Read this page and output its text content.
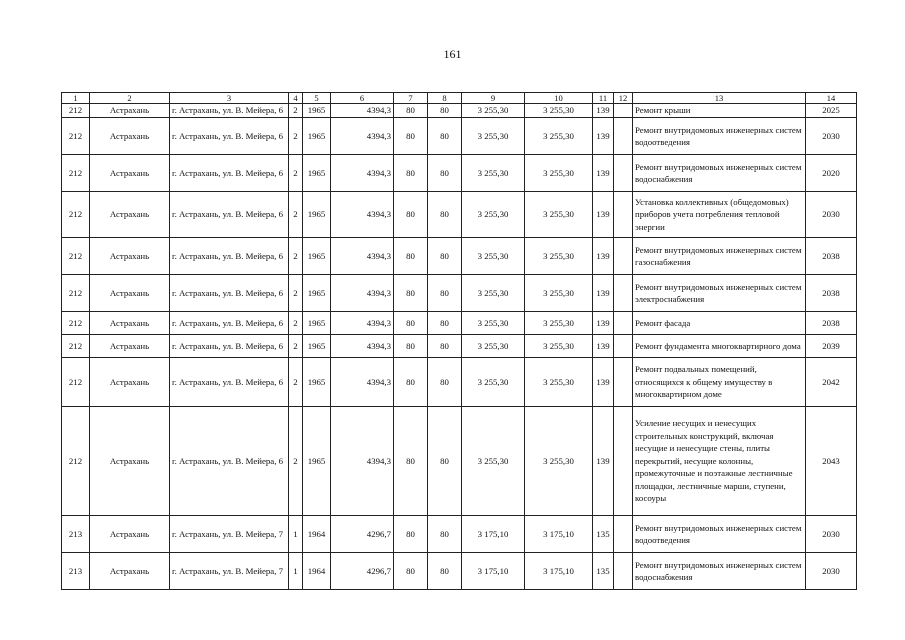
161
1	2	3	4	5	6	7	8	9	10	11	12	13	14
212	Астрахань	г. Астрахань, ул. В. Мейера, 6	2	1965	4394,3	80	80	3 255,30	3 255,30	139		Ремонт крыши	2025
212	Астрахань	г. Астрахань, ул. В. Мейера, 6	2	1965	4394,3	80	80	3 255,30	3 255,30	139		Ремонт внутридомовых инженерных систем водоотведения	2030
212	Астрахань	г. Астрахань, ул. В. Мейера, 6	2	1965	4394,3	80	80	3 255,30	3 255,30	139		Ремонт внутридомовых инженерных систем водоснабжения	2020
212	Астрахань	г. Астрахань, ул. В. Мейера, 6	2	1965	4394,3	80	80	3 255,30	3 255,30	139		Установка коллективных (общедомовых) приборов учета потребления тепловой энергии	2030
212	Астрахань	г. Астрахань, ул. В. Мейера, 6	2	1965	4394,3	80	80	3 255,30	3 255,30	139		Ремонт внутридомовых инженерных систем газоснабжения	2038
212	Астрахань	г. Астрахань, ул. В. Мейера, 6	2	1965	4394,3	80	80	3 255,30	3 255,30	139		Ремонт внутридомовых инженерных систем электроснабжения	2038
212	Астрахань	г. Астрахань, ул. В. Мейера, 6	2	1965	4394,3	80	80	3 255,30	3 255,30	139		Ремонт фасада	2038
212	Астрахань	г. Астрахань, ул. В. Мейера, 6	2	1965	4394,3	80	80	3 255,30	3 255,30	139		Ремонт фундамента многоквартирного дома	2039
212	Астрахань	г. Астрахань, ул. В. Мейера, 6	2	1965	4394,3	80	80	3 255,30	3 255,30	139		Ремонт подвальных помещений, относящихся к общему имуществу в многоквартирном доме	2042
212	Астрахань	г. Астрахань, ул. В. Мейера, 6	2	1965	4394,3	80	80	3 255,30	3 255,30	139		Усиление несущих и ненесущих строительных конструкций, включая несущие и ненесущие стены, плиты перекрытий, несущие колонны, промежуточные и поэтажные лестничные площадки, лестничные марши, ступени, косоуры	2043
213	Астрахань	г. Астрахань, ул. В. Мейера, 7	1	1964	4296,7	80	80	3 175,10	3 175,10	135		Ремонт внутридомовых инженерных систем водоотведения	2030
213	Астрахань	г. Астрахань, ул. В. Мейера, 7	1	1964	4296,7	80	80	3 175,10	3 175,10	135		Ремонт внутридомовых инженерных систем водоснабжения	2030
